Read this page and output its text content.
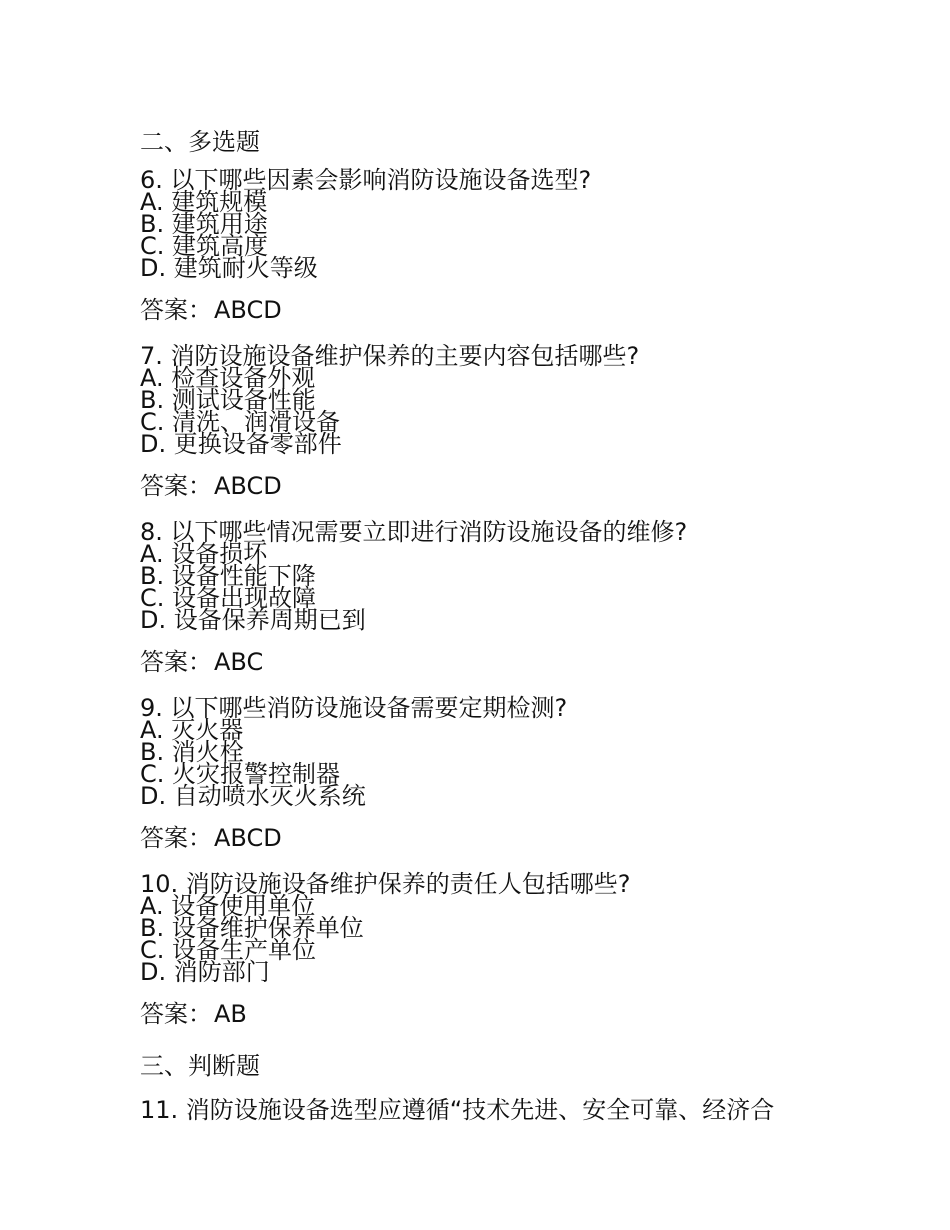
二、多选题
6. 以下哪些因素会影响消防设施设备选型?
A. 建筑规模
B. 建筑用途
C. 建筑高度
D. 建筑耐火等级
答案：ABCD
7. 消防设施设备维护保养的主要内容包括哪些?
A. 检查设备外观
B. 测试设备性能
C. 清洗、润滑设备
D. 更换设备零部件
答案：ABCD
8. 以下哪些情况需要立即进行消防设施设备的维修?
A. 设备损坏
B. 设备性能下降
C. 设备出现故障
D. 设备保养周期已到
答案：ABC
9. 以下哪些消防设施设备需要定期检测?
A. 灭火器
B. 消火栓
C. 火灾报警控制器
D. 自动喷水灭火系统
答案：ABCD
10. 消防设施设备维护保养的责任人包括哪些?
A. 设备使用单位
B. 设备维护保养单位
C. 设备生产单位
D. 消防部门
答案：AB
三、判断题
11. 消防设施设备选型应遵循“技术先进、安全可靠、经济合
